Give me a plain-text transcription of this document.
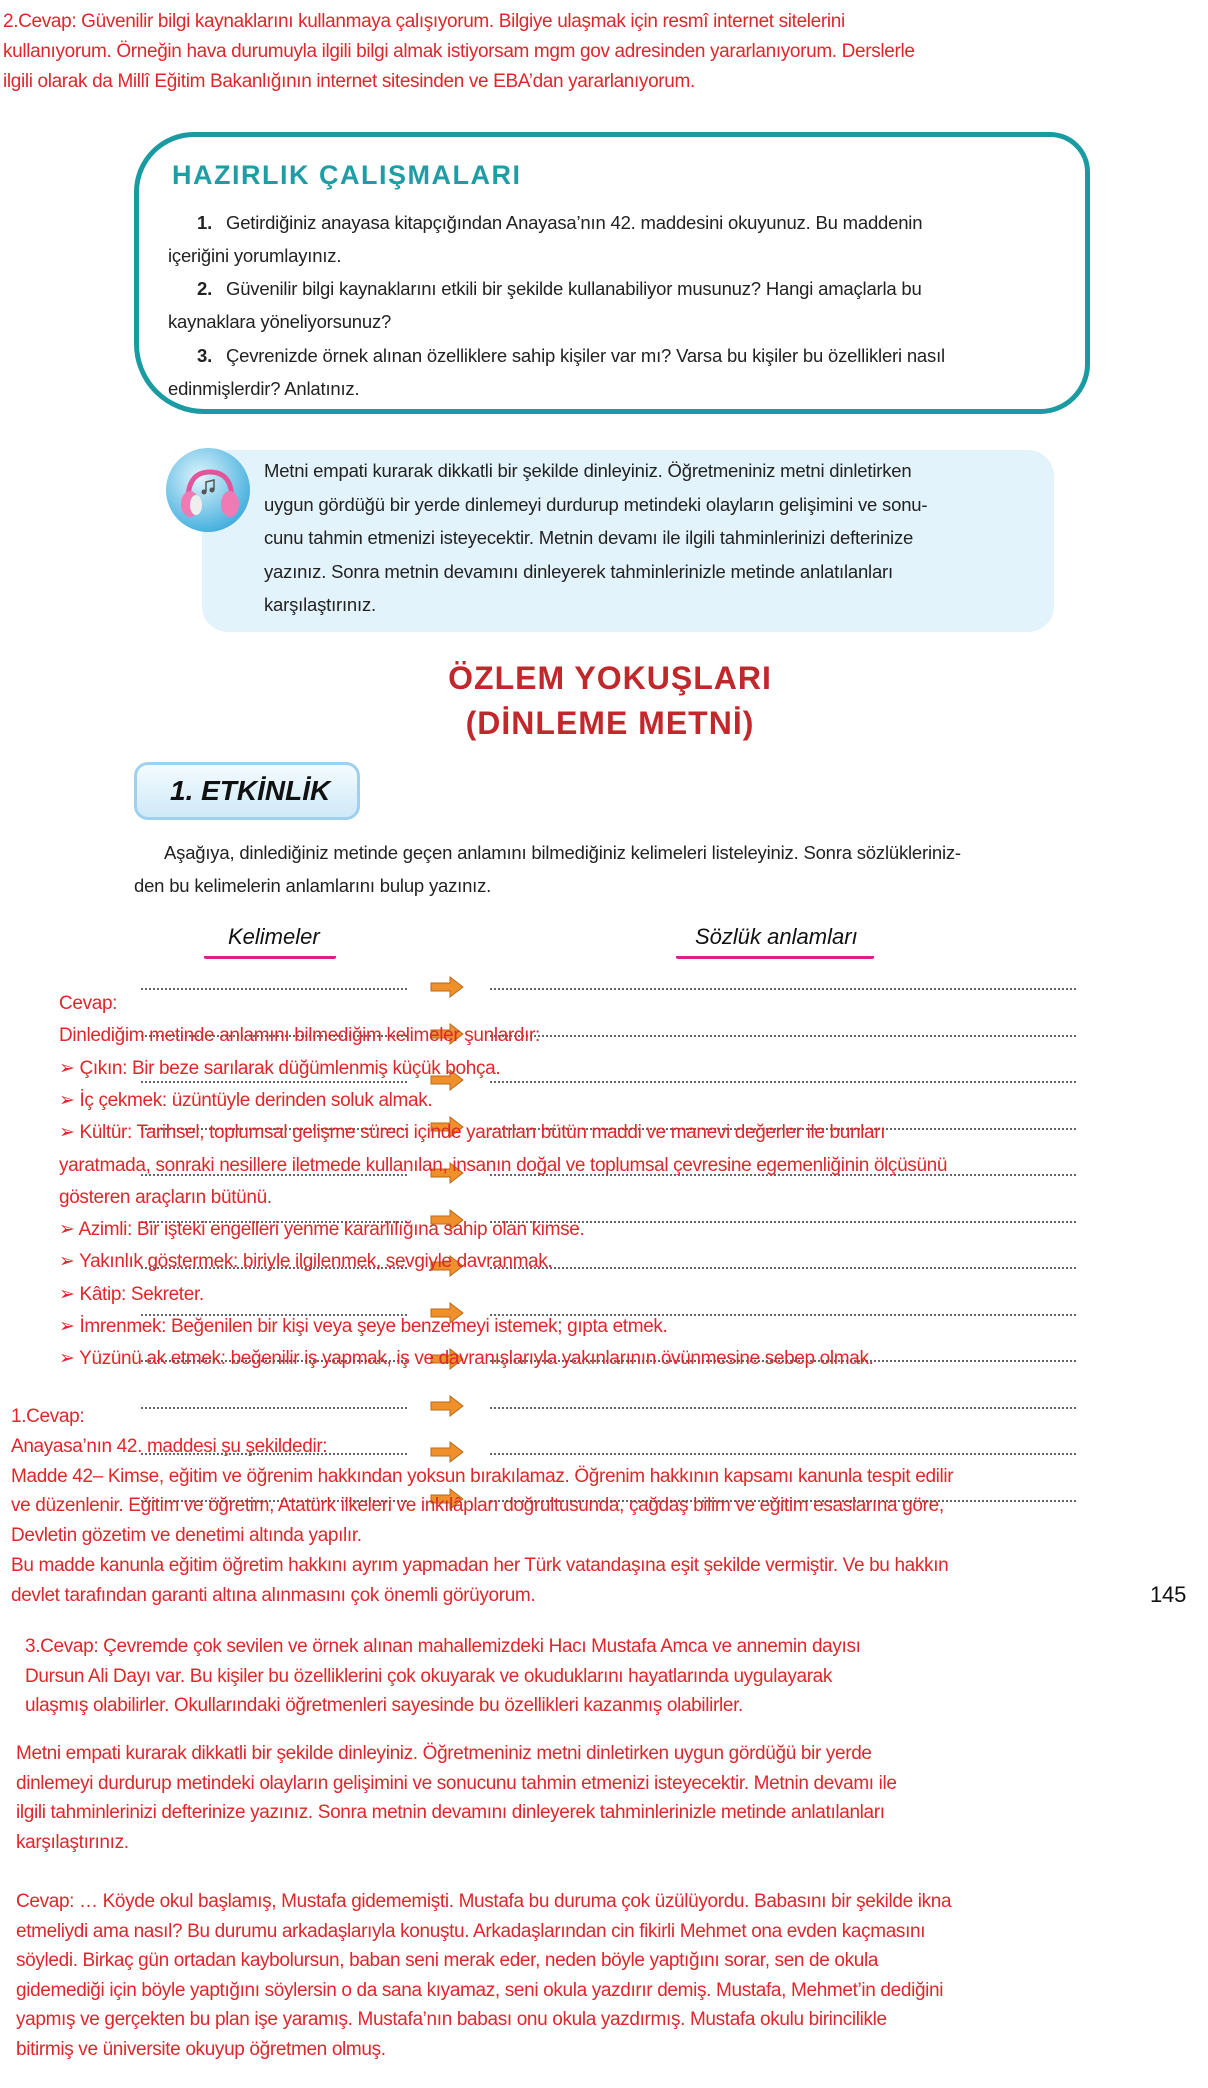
2.Cevap: Güvenilir bilgi kaynaklarını kullanmaya çalışıyorum. Bilgiye ulaşmak için resmî internet sitelerini
kullanıyorum. Örneğin hava durumuyla ilgili bilgi almak istiyorsam mgm gov adresinden yararlanıyorum. Derslerle
ilgili olarak da Millî Eğitim Bakanlığının internet sitesinden ve EBA’dan yararlanıyorum.
HAZIRLIK ÇALIŞMALARI
1. Getirdiğiniz anayasa kitapçığından Anayasa’nın 42. maddesini okuyunuz. Bu maddenin
içeriğini yorumlayınız.
2. Güvenilir bilgi kaynaklarını etkili bir şekilde kullanabiliyor musunuz? Hangi amaçlarla bu
kaynaklara yöneliyorsunuz?
3. Çevrenizde örnek alınan özelliklere sahip kişiler var mı? Varsa bu kişiler bu özellikleri nasıl
edinmişlerdir? Anlatınız.
Metni empati kurarak dikkatli bir şekilde dinleyiniz. Öğretmeniniz metni dinletirken
uygun gördüğü bir yerde dinlemeyi durdurup metindeki olayların gelişimini ve sonu-
cunu tahmin etmenizi isteyecektir. Metnin devamı ile ilgili tahminlerinizi defterinize
yazınız. Sonra metnin devamını dinleyerek tahminlerinizle metinde anlatılanları
karşılaştırınız.
ÖZLEM YOKUŞLARI
(DİNLEME METNİ)
1. ETKİNLİK
Aşağıya, dinlediğiniz metinde geçen anlamını bilmediğiniz kelimeleri listeleyiniz. Sonra sözlükleriniz-
den bu kelimelerin anlamlarını bulup yazınız.
Kelimeler	Sözlük anlamları
Cevap:
Dinlediğim metinde anlamını bilmediğim kelimeler şunlardır:
➢ Çıkın: Bir beze sarılarak düğümlenmiş küçük bohça.
➢ İç çekmek: üzüntüyle derinden soluk almak.
➢ Kültür: Tarihsel, toplumsal gelişme süreci içinde yaratılan bütün maddi ve manevi değerler ile bunları
yaratmada, sonraki nesillere iletmede kullanılan, insanın doğal ve toplumsal çevresine egemenliğinin ölçüsünü
gösteren araçların bütünü.
➢ Azimli: Bir işteki engelleri yenme kararlılığına sahip olan kimse.
➢ Yakınlık göstermek: biriyle ilgilenmek, sevgiyle davranmak.
➢ Kâtip: Sekreter.
➢ İmrenmek: Beğenilen bir kişi veya şeye benzemeyi istemek; gıpta etmek.
➢ Yüzünü ak etmek: beğenilir iş yapmak, iş ve davranışlarıyla yakınlarının övünmesine sebep olmak.
1.Cevap:
Anayasa’nın 42. maddesi şu şekildedir:
Madde 42– Kimse, eğitim ve öğrenim hakkından yoksun bırakılamaz. Öğrenim hakkının kapsamı kanunla tespit edilir
ve düzenlenir. Eğitim ve öğretim, Atatürk ilkeleri ve inkılâpları doğrultusunda, çağdaş bilim ve eğitim esaslarına göre,
Devletin gözetim ve denetimi altında yapılır.
Bu madde kanunla eğitim öğretim hakkını ayrım yapmadan her Türk vatandaşına eşit şekilde vermiştir. Ve bu hakkın
devlet tarafından garanti altına alınmasını çok önemli görüyorum.	145
3.Cevap: Çevremde çok sevilen ve örnek alınan mahallemizdeki Hacı Mustafa Amca ve annemin dayısı
Dursun Ali Dayı var. Bu kişiler bu özelliklerini çok okuyarak ve okuduklarını hayatlarında uygulayarak
ulaşmış olabilirler. Okullarındaki öğretmenleri sayesinde bu özellikleri kazanmış olabilirler.
Metni empati kurarak dikkatli bir şekilde dinleyiniz. Öğretmeniniz metni dinletirken uygun gördüğü bir yerde
dinlemeyi durdurup metindeki olayların gelişimini ve sonucunu tahmin etmenizi isteyecektir. Metnin devamı ile
ilgili tahminlerinizi defterinize yazınız. Sonra metnin devamını dinleyerek tahminlerinizle metinde anlatılanları
karşılaştırınız.
Cevap: … Köyde okul başlamış, Mustafa gidememişti. Mustafa bu duruma çok üzülüyordu. Babasını bir şekilde ikna
etmeliydi ama nasıl? Bu durumu arkadaşlarıyla konuştu. Arkadaşlarından cin fikirli Mehmet ona evden kaçmasını
söyledi. Birkaç gün ortadan kaybolursun, baban seni merak eder, neden böyle yaptığını sorar, sen de okula
gidemediği için böyle yaptığını söylersin o da sana kıyamaz, seni okula yazdırır demiş. Mustafa, Mehmet’in dediğini
yapmış ve gerçekten bu plan işe yaramış. Mustafa’nın babası onu okula yazdırmış. Mustafa okulu birincilikle
bitirmiş ve üniversite okuyup öğretmen olmuş.
